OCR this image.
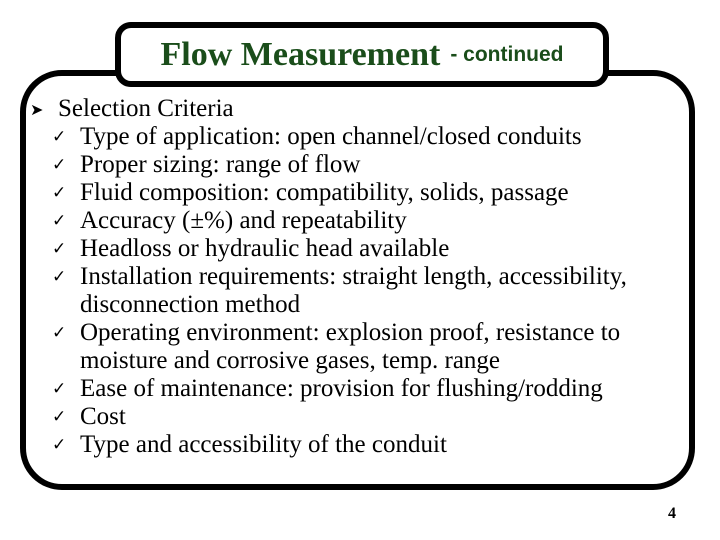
Flow Measurement - continued
➤ Selection Criteria
✓ Type of application: open channel/closed conduits
✓ Proper sizing: range of flow
✓ Fluid composition: compatibility, solids, passage
✓ Accuracy (±%) and repeatability
✓ Headloss or hydraulic head available
✓ Installation requirements: straight length, accessibility, disconnection method
✓ Operating environment: explosion proof, resistance to moisture and corrosive gases, temp. range
✓ Ease of maintenance: provision for flushing/rodding
✓ Cost
✓ Type and accessibility of the conduit
4
